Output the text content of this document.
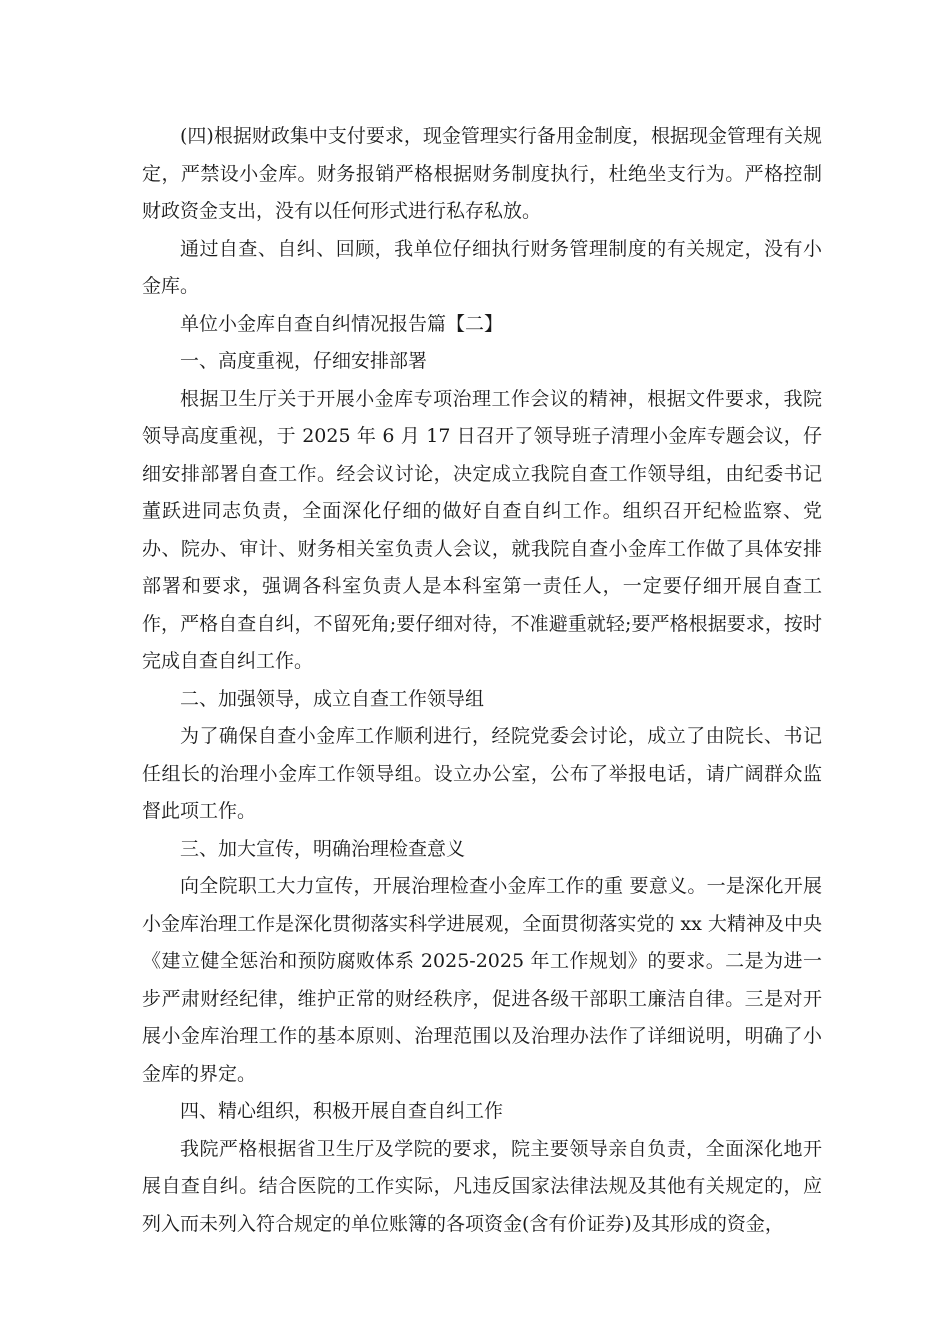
(四)根据财政集中支付要求，现金管理实行备用金制度，根据现金管理有关规定，严禁设小金库。财务报销严格根据财务制度执行，杜绝坐支行为。严格控制财政资金支出，没有以任何形式进行私存私放。

通过自查、自纠、回顾，我单位仔细执行财务管理制度的有关规定，没有小金库。

单位小金库自查自纠情况报告篇【二】

一、高度重视，仔细安排部署

根据卫生厅关于开展小金库专项治理工作会议的精神，根据文件要求，我院领导高度重视，于 2025 年 6 月 17 日召开了领导班子清理小金库专题会议，仔细安排部署自查工作。经会议讨论，决定成立我院自查工作领导组，由纪委书记董跃进同志负责，全面深化仔细的做好自查自纠工作。组织召开纪检监察、党办、院办、审计、财务相关室负责人会议，就我院自查小金库工作做了具体安排部署和要求，强调各科室负责人是本科室第一责任人，一定要仔细开展自查工作，严格自查自纠，不留死角;要仔细对待，不准避重就轻;要严格根据要求，按时完成自查自纠工作。

二、加强领导，成立自查工作领导组

为了确保自查小金库工作顺利进行，经院党委会讨论，成立了由院长、书记任组长的治理小金库工作领导组。设立办公室，公布了举报电话，请广阔群众监督此项工作。

三、加大宣传，明确治理检查意义

向全院职工大力宣传，开展治理检查小金库工作的重 要意义。一是深化开展小金库治理工作是深化贯彻落实科学进展观，全面贯彻落实党的 xx 大精神及中央《建立健全惩治和预防腐败体系 2025-2025 年工作规划》的要求。二是为进一步严肃财经纪律，维护正常的财经秩序，促进各级干部职工廉洁自律。三是对开展小金库治理工作的基本原则、治理范围以及治理办法作了详细说明，明确了小金库的界定。

四、精心组织，积极开展自查自纠工作

我院严格根据省卫生厅及学院的要求，院主要领导亲自负责，全面深化地开展自查自纠。结合医院的工作实际，凡违反国家法律法规及其他有关规定的，应列入而未列入符合规定的单位账簿的各项资金(含有价证券)及其形成的资金，
